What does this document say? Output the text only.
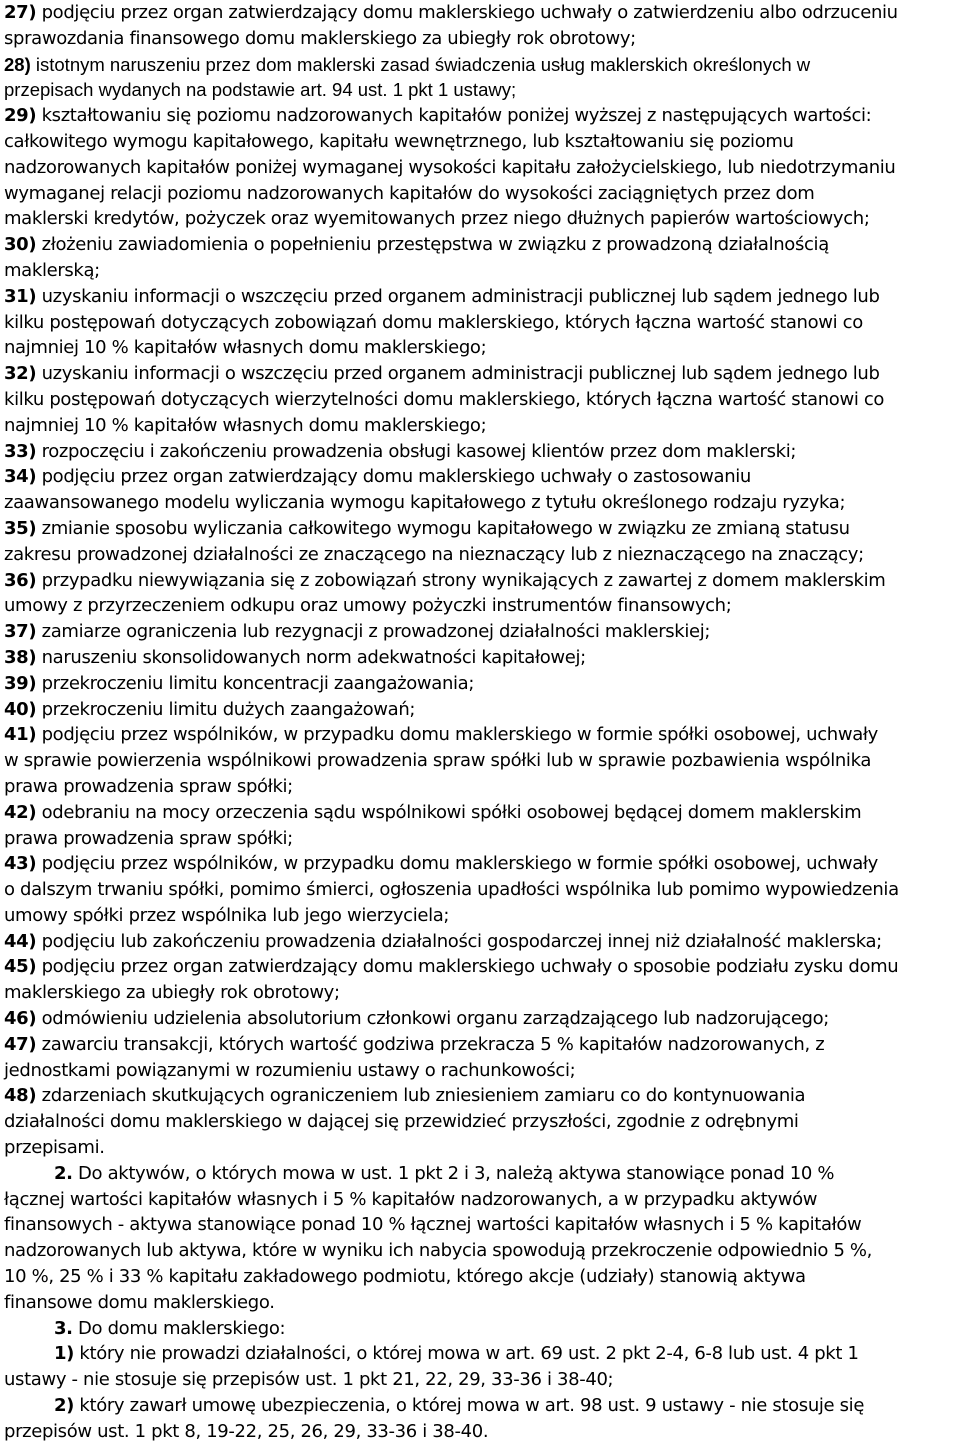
27) podjęciu przez organ zatwierdzający domu maklerskiego uchwały o zatwierdzeniu albo odrzuceniu
sprawozdania finansowego domu maklerskiego za ubiegły rok obrotowy;
28) istotnym naruszeniu przez dom maklerski zasad świadczenia usług maklerskich określonych w
przepisach wydanych na podstawie art. 94 ust. 1 pkt 1 ustawy;
29) kształtowaniu się poziomu nadzorowanych kapitałów poniżej wyższej z następujących wartości:
całkowitego wymogu kapitałowego, kapitału wewnętrznego, lub kształtowaniu się poziomu
nadzorowanych kapitałów poniżej wymaganej wysokości kapitału założycielskiego, lub niedotrzymaniu
wymaganej relacji poziomu nadzorowanych kapitałów do wysokości zaciągniętych przez dom
maklerski kredytów, pożyczek oraz wyemitowanych przez niego dłużnych papierów wartościowych;
30) złożeniu zawiadomienia o popełnieniu przestępstwa w związku z prowadzoną działalnością
maklerską;
31) uzyskaniu informacji o wszczęciu przed organem administracji publicznej lub sądem jednego lub
kilku postępowań dotyczących zobowiązań domu maklerskiego, których łączna wartość stanowi co
najmniej 10 % kapitałów własnych domu maklerskiego;
32) uzyskaniu informacji o wszczęciu przed organem administracji publicznej lub sądem jednego lub
kilku postępowań dotyczących wierzytelności domu maklerskiego, których łączna wartość stanowi co
najmniej 10 % kapitałów własnych domu maklerskiego;
33) rozpoczęciu i zakończeniu prowadzenia obsługi kasowej klientów przez dom maklerski;
34) podjęciu przez organ zatwierdzający domu maklerskiego uchwały o zastosowaniu
zaawansowanego modelu wyliczania wymogu kapitałowego z tytułu określonego rodzaju ryzyka;
35) zmianie sposobu wyliczania całkowitego wymogu kapitałowego w związku ze zmianą statusu
zakresu prowadzonej działalności ze znaczącego na nieznaczący lub z nieznaczącego na znaczący;
36) przypadku niewywiązania się z zobowiązań strony wynikających z zawartej z domem maklerskim
umowy z przyrzeczeniem odkupu oraz umowy pożyczki instrumentów finansowych;
37) zamiarze ograniczenia lub rezygnacji z prowadzonej działalności maklerskiej;
38) naruszeniu skonsolidowanych norm adekwatności kapitałowej;
39) przekroczeniu limitu koncentracji zaangażowania;
40) przekroczeniu limitu dużych zaangażowań;
41) podjęciu przez wspólników, w przypadku domu maklerskiego w formie spółki osobowej, uchwały
w sprawie powierzenia wspólnikowi prowadzenia spraw spółki lub w sprawie pozbawienia wspólnika
prawa prowadzenia spraw spółki;
42) odebraniu na mocy orzeczenia sądu wspólnikowi spółki osobowej będącej domem maklerskim
prawa prowadzenia spraw spółki;
43) podjęciu przez wspólników, w przypadku domu maklerskiego w formie spółki osobowej, uchwały
o dalszym trwaniu spółki, pomimo śmierci, ogłoszenia upadłości wspólnika lub pomimo wypowiedzenia
umowy spółki przez wspólnika lub jego wierzyciela;
44) podjęciu lub zakończeniu prowadzenia działalności gospodarczej innej niż działalność maklerska;
45) podjęciu przez organ zatwierdzający domu maklerskiego uchwały o sposobie podziału zysku domu
maklerskiego za ubiegły rok obrotowy;
46) odmówieniu udzielenia absolutorium członkowi organu zarządzającego lub nadzorującego;
47) zawarciu transakcji, których wartość godziwa przekracza 5 % kapitałów nadzorowanych, z
jednostkami powiązanymi w rozumieniu ustawy o rachunkowości;
48) zdarzeniach skutkujących ograniczeniem lub zniesieniem zamiaru co do kontynuowania
działalności domu maklerskiego w dającej się przewidzieć przyszłości, zgodnie z odrębnymi
przepisami.
2. Do aktywów, o których mowa w ust. 1 pkt 2 i 3, należą aktywa stanowiące ponad 10 %
łącznej wartości kapitałów własnych i 5 % kapitałów nadzorowanych, a w przypadku aktywów
finansowych - aktywa stanowiące ponad 10 % łącznej wartości kapitałów własnych i 5 % kapitałów
nadzorowanych lub aktywa, które w wyniku ich nabycia spowodują przekroczenie odpowiednio 5 %,
10 %, 25 % i 33 % kapitału zakładowego podmiotu, którego akcje (udziały) stanowią aktywa
finansowe domu maklerskiego.
3. Do domu maklerskiego:
1) który nie prowadzi działalności, o której mowa w art. 69 ust. 2 pkt 2-4, 6-8 lub ust. 4 pkt 1
ustawy - nie stosuje się przepisów ust. 1 pkt 21, 22, 29, 33-36 i 38-40;
2) który zawarł umowę ubezpieczenia, o której mowa w art. 98 ust. 9 ustawy - nie stosuje się
przepisów ust. 1 pkt 8, 19-22, 25, 26, 29, 33-36 i 38-40.
